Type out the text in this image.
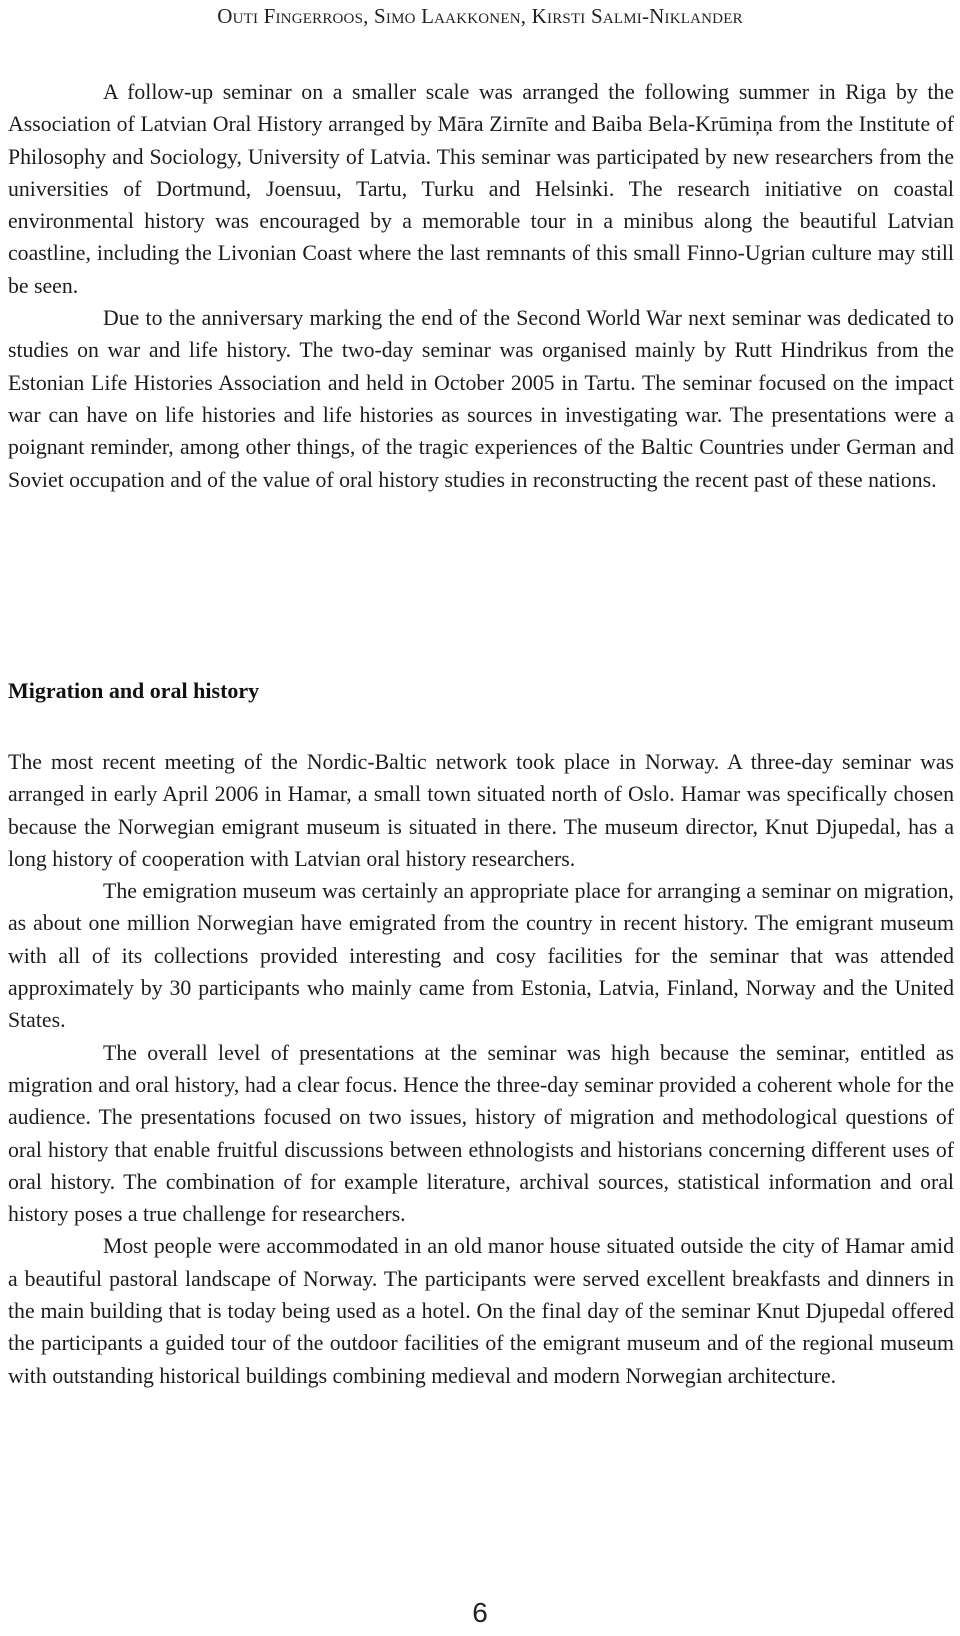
Outi Fingerroos, Simo Laakkonen, Kirsti Salmi-Niklander

A follow-up seminar on a smaller scale was arranged the following summer in Riga by the Association of Latvian Oral History arranged by Māra Zirnīte and Baiba Bela-Krūmiņa from the Institute of Philosophy and Sociology, University of Latvia. This seminar was participated by new researchers from the universities of Dortmund, Joensuu, Tartu, Turku and Helsinki. The research initiative on coastal environmental history was encouraged by a memorable tour in a minibus along the beautiful Latvian coastline, including the Livonian Coast where the last remnants of this small Finno-Ugrian culture may still be seen.

Due to the anniversary marking the end of the Second World War next seminar was dedicated to studies on war and life history. The two-day seminar was organised mainly by Rutt Hindrikus from the Estonian Life Histories Association and held in October 2005 in Tartu. The seminar focused on the impact war can have on life histories and life histories as sources in investigating war. The presentations were a poignant reminder, among other things, of the tragic experiences of the Baltic Countries under German and Soviet occupation and of the value of oral history studies in reconstructing the recent past of these nations.

Migration and oral history

The most recent meeting of the Nordic-Baltic network took place in Norway. A three-day seminar was arranged in early April 2006 in Hamar, a small town situated north of Oslo. Hamar was specifically chosen because the Norwegian emigrant museum is situated in there. The museum director, Knut Djupedal, has a long history of cooperation with Latvian oral history researchers.

The emigration museum was certainly an appropriate place for arranging a seminar on migration, as about one million Norwegian have emigrated from the country in recent history. The emigrant museum with all of its collections provided interesting and cosy facilities for the seminar that was attended approximately by 30 participants who mainly came from Estonia, Latvia, Finland, Norway and the United States.

The overall level of presentations at the seminar was high because the seminar, entitled as migration and oral history, had a clear focus. Hence the three-day seminar provided a coherent whole for the audience. The presentations focused on two issues, history of migration and methodological questions of oral history that enable fruitful discussions between ethnologists and historians concerning different uses of oral history. The combination of for example literature, archival sources, statistical information and oral history poses a true challenge for researchers.

Most people were accommodated in an old manor house situated outside the city of Hamar amid a beautiful pastoral landscape of Norway. The participants were served excellent breakfasts and dinners in the main building that is today being used as a hotel. On the final day of the seminar Knut Djupedal offered the participants a guided tour of the outdoor facilities of the emigrant museum and of the regional museum with outstanding historical buildings combining medieval and modern Norwegian architecture.

6
